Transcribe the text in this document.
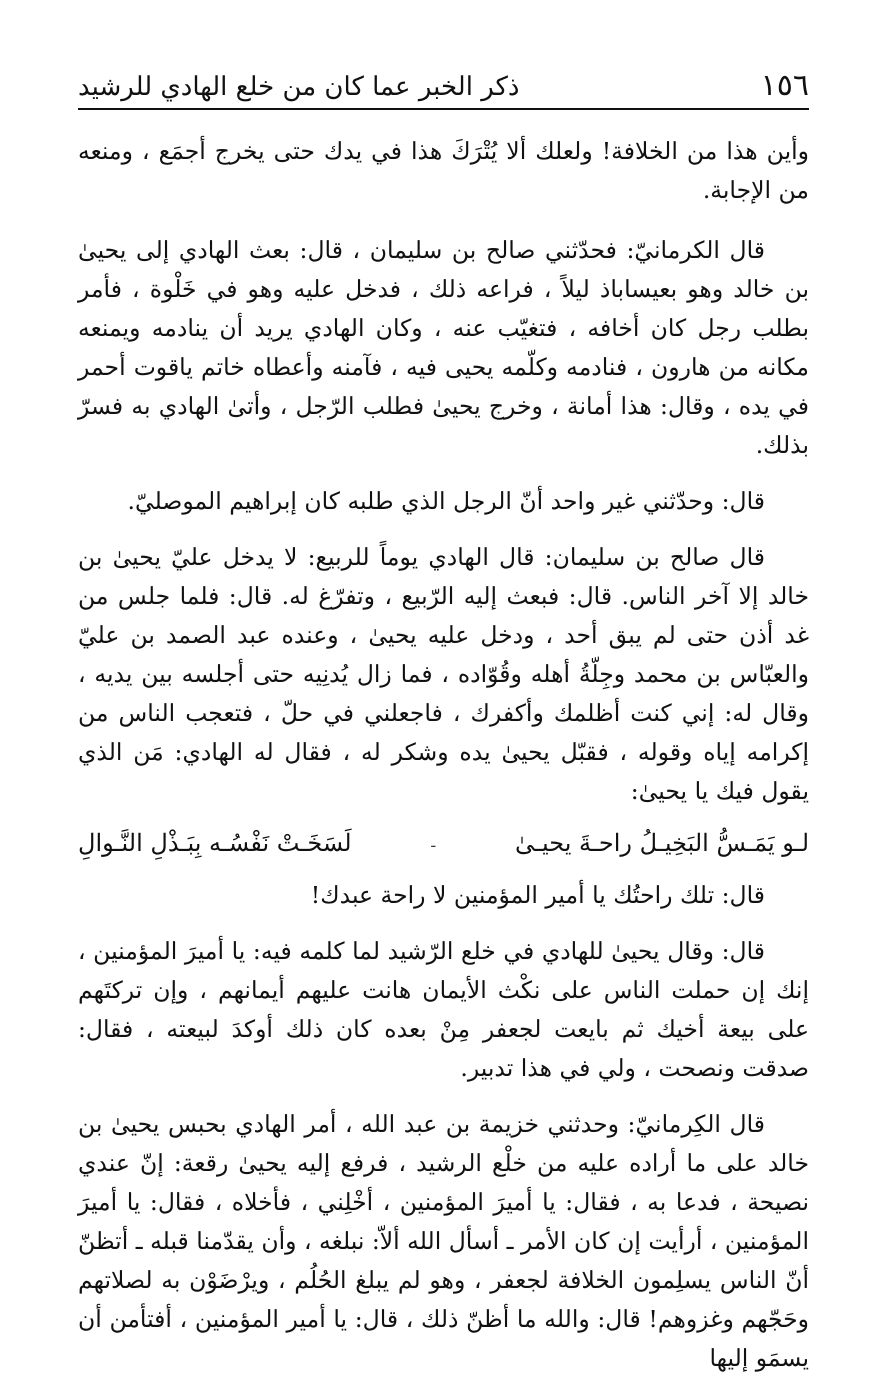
١٥٦
ذكر الخبر عما كان من خلع الهادي للرشيد

وأين هذا من الخلافة! ولعلك ألا يُتْرَكَ هذا في يدك حتى يخرج أجمَع ، ومنعه من الإجابة.

قال الكرمانيّ: فحدّثني صالح بن سليمان ، قال: بعث الهادي إلى يحيىٰ بن خالد وهو بعيساباذ ليلاً ، فراعه ذلك ، فدخل عليه وهو في خَلْوة ، فأمر بطلب رجل كان أخافه ، فتغيّب عنه ، وكان الهادي يريد أن ينادمه ويمنعه مكانه من هارون ، فنادمه وكلّمه يحيى فيه ، فآمنه وأعطاه خاتم ياقوت أحمر في يده ، وقال: هذا أمانة ، وخرج يحيىٰ فطلب الرّجل ، وأتىٰ الهادي به فسرّ بذلك.

قال: وحدّثني غير واحد أنّ الرجل الذي طلبه كان إبراهيم الموصليّ.

قال صالح بن سليمان: قال الهادي يوماً للربيع: لا يدخل عليّ يحيىٰ بن خالد إلا آخر الناس. قال: فبعث إليه الرّبيع ، وتفرّغ له. قال: فلما جلس من غد أذن حتى لم يبق أحد ، ودخل عليه يحيىٰ ، وعنده عبد الصمد بن عليّ والعبّاس بن محمد وجِلّةُ أهله وقُوّاده ، فما زال يُدنِيه حتى أجلسه بين يديه ، وقال له: إني كنت أظلمك وأكفرك ، فاجعلني في حلّ ، فتعجب الناس من إكرامه إياه وقوله ، فقبّل يحيىٰ يده وشكر له ، فقال له الهادي: مَن الذي يقول فيك يا يحيىٰ:

لـو يَمَـسُّ البَخِيـلُ راحـةَ يحيـىٰ
ـ
لَسَخَـتْ نَفْسُـه بِبَـذْلِ النَّـوالِ

قال: تلك راحتُك يا أمير المؤمنين لا راحة عبدك!

قال: وقال يحيىٰ للهادي في خلع الرّشيد لما كلمه فيه: يا أميرَ المؤمنين ، إنك إن حملت الناس على نكْث الأيمان هانت عليهم أيمانهم ، وإن تركتَهم على بيعة أخيك ثم بايعت لجعفر مِنْ بعده كان ذلك أوكدَ لبيعته ، فقال: صدقت ونصحت ، ولي في هذا تدبير.

قال الكِرمانيّ: وحدثني خزيمة بن عبد الله ، أمر الهادي بحبس يحيىٰ بن خالد على ما أراده عليه من خلْع الرشيد ، فرفع إليه يحيىٰ رقعة: إنّ عندي نصيحة ، فدعا به ، فقال: يا أميرَ المؤمنين ، أخْلِني ، فأخلاه ، فقال: يا أميرَ المؤمنين ، أرأيت إن كان الأمر ـ أسأل الله ألاّ: نبلغه ، وأن يقدّمنا قبله ـ أتظنّ أنّ الناس يسلِمون الخلافة لجعفر ، وهو لم يبلغ الحُلُم ، ويرْضَوْن به لصلاتهم وحَجّهم وغزوهم! قال: والله ما أظنّ ذلك ، قال: يا أمير المؤمنين ، أفتأمن أن يسمَو إليها
